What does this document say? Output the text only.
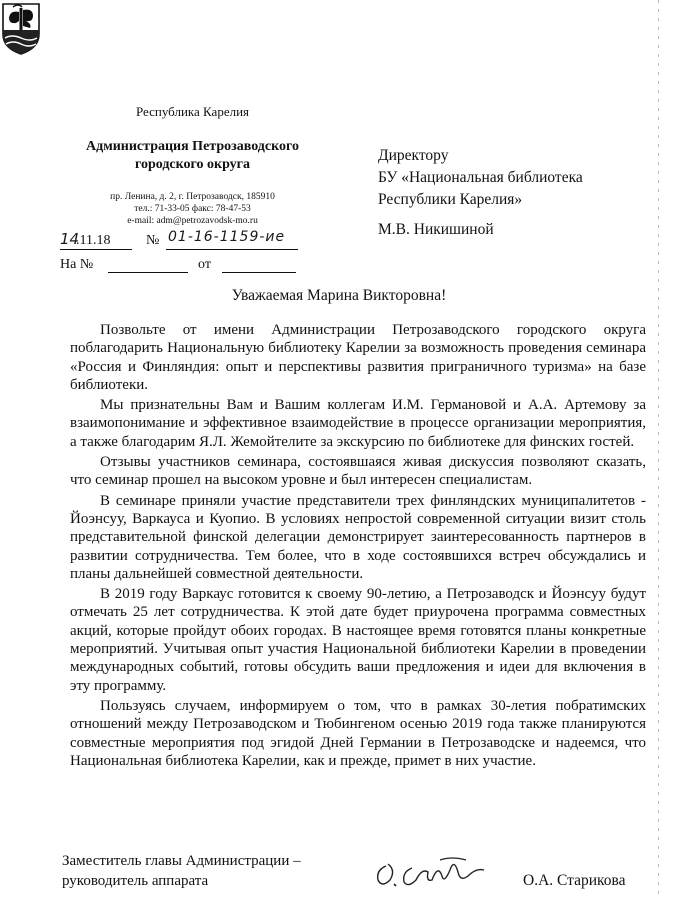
Республика Карелия
Администрация Петрозаводского
городского округа
пр. Ленина, д. 2, г. Петрозаводск, 185910
тел.: 71-33-05 факс: 78-47-53
e-mail: adm@petrozavodsk-mo.ru
14
.11.18	№ 01-16-1159-ие
На №	от
Директору
БУ «Национальная библиотека
Республики Карелия»
М.В. Никишиной
Уважаемая Марина Викторовна!

Позвольте от имени Администрации Петрозаводского городского округа поблагодарить Национальную библиотеку Карелии за возможность проведения семинара «Россия и Финляндия: опыт и перспективы развития приграничного туризма» на базе библиотеки.

Мы признательны Вам и Вашим коллегам И.М. Германовой и А.А. Артемову за взаимопонимание и эффективное взаимодействие в процессе организации мероприятия, а также благодарим Я.Л. Жемойтелите за экскурсию по библиотеке для финских гостей.

Отзывы участников семинара, состоявшаяся живая дискуссия позволяют сказать, что семинар прошел на высоком уровне и был интересен специалистам.

В семинаре приняли участие представители трех финляндских муниципалитетов - Йоэнсуу, Варкауса и Куопио. В условиях непростой современной ситуации визит столь представительной финской делегации демонстрирует заинтересованность партнеров в развитии сотрудничества. Тем более, что в ходе состоявшихся встреч обсуждались и планы дальнейшей совместной деятельности.

В 2019 году Варкаус готовится к своему 90-летию, а Петрозаводск и Йоэнсуу будут отмечать 25 лет сотрудничества. К этой дате будет приурочена программа совместных акций, которые пройдут обоих городах. В настоящее время готовятся планы конкретные мероприятий. Учитывая опыт участия Национальной библиотеки Карелии в проведении международных событий, готовы обсудить ваши предложения и идеи для включения в эту программу.

Пользуясь случаем, информируем о том, что в рамках 30-летия побратимских отношений между Петрозаводском и Тюбингеном осенью 2019 года также планируются совместные мероприятия под эгидой Дней Германии в Петрозаводске и надеемся, что Национальная библиотека Карелии, как и прежде, примет в них участие.

Заместитель главы Администрации –
руководитель аппарата	О.А. Старикова
